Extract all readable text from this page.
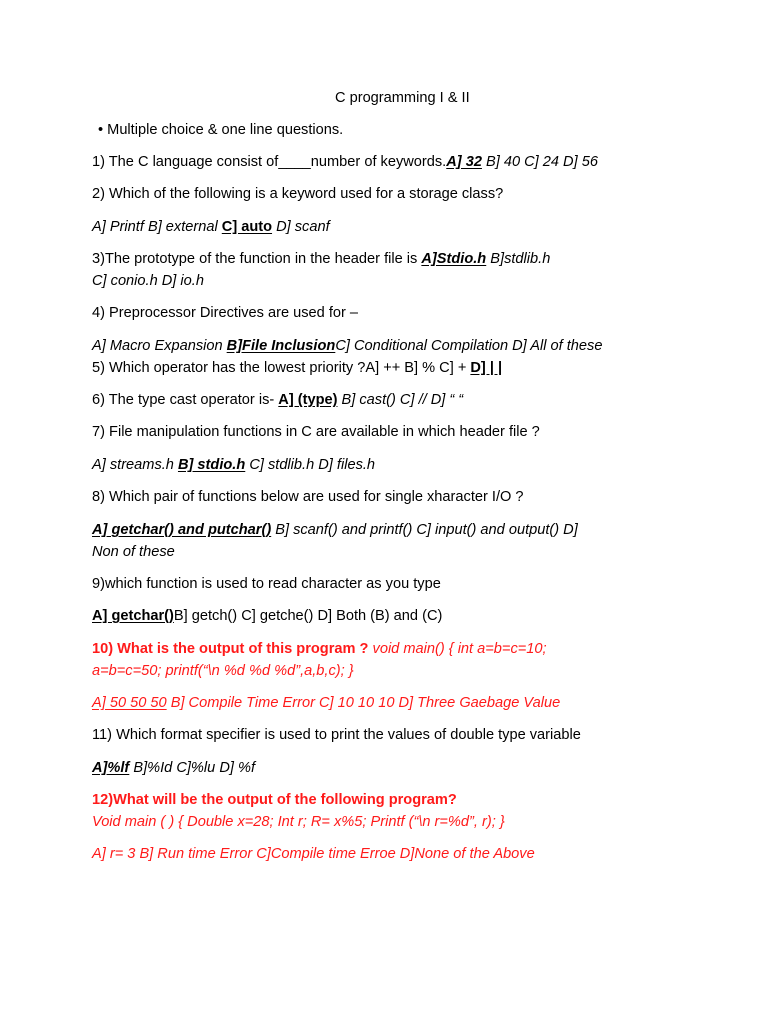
C programming I & II
• Multiple choice & one line questions.
1) The C language consist of____number of keywords.A] 32 B] 40 C] 24 D] 56
2) Which of the following is a keyword used for a storage class?
A] Printf B] external C] auto D] scanf
3)The prototype of the function in the header file is A]Stdio.h B]stdlib.h
C] conio.h D] io.h
4) Preprocessor Directives are used for –
A] Macro Expansion B]File InclusionC] Conditional Compilation D] All of these
5) Which operator has the lowest priority ?A] ++ B] % C] + D] | |
6) The type cast operator is- A] (type) B] cast() C] // D] “ “
7) File manipulation functions in C are available in which header file ?
A] streams.h B] stdio.h C] stdlib.h D] files.h
8) Which pair of functions below are used for single xharacter I/O ?
A] getchar() and putchar() B] scanf() and printf() C] input() and output() D]
Non of these
9)which function is used to read character as you type
A] getchar()B] getch() C] getche() D] Both (B) and (C)
10) What is the output of this program ? void main() { int a=b=c=10;
a=b=c=50; printf(“\n %d %d %d”,a,b,c); }
A] 50 50 50 B] Compile Time Error C] 10 10 10 D] Three Gaebage Value
11) Which format specifier is used to print the values of double type variable
A]%lf B]%Id C]%lu D] %f
12)What will be the output of the following program?
Void main ( ) { Double x=28; Int r; R= x%5; Printf (“\n r=%d”, r); }
A] r= 3 B] Run time Error C]Compile time Erroe D]None of the Above
